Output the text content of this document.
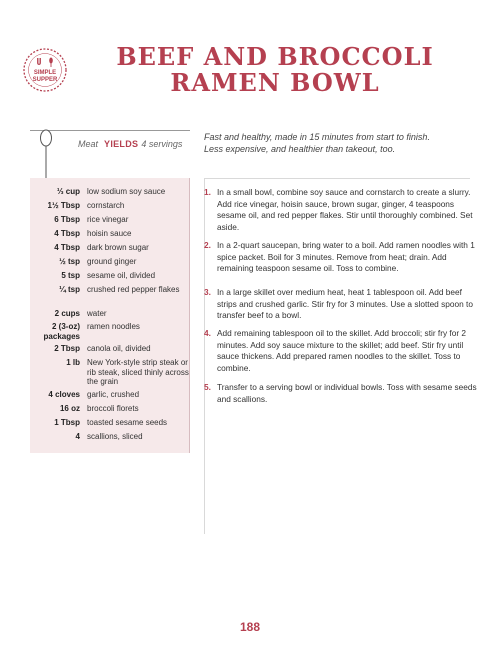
SIMPLE
SUPPER
BEEF AND BROCCOLI
RAMEN BOWL
Meat YIELDS 4 servings
Fast and healthy, made in 15 minutes from start to finish.
Less expensive, and healthier than takeout, too.
⅓ cup low sodium soy sauce
1½ Tbsp cornstarch
6 Tbsp rice vinegar
4 Tbsp hoisin sauce
4 Tbsp dark brown sugar
½ tsp ground ginger
5 tsp sesame oil, divided
¼ tsp crushed red pepper flakes
2 cups water
2 (3-oz) packages
ramen noodles
2 Tbsp canola oil, divided
1 lb New York-style strip steak or rib steak, sliced thinly across the grain
4 cloves garlic, crushed
16 oz broccoli florets
1 Tbsp toasted sesame seeds
4 scallions, sliced
1. In a small bowl, combine soy sauce and cornstarch to create a slurry. Add rice vinegar, hoisin sauce, brown sugar, ginger, 4 teaspoons sesame oil, and red pepper flakes. Stir until thoroughly combined. Set aside.
2. In a 2-quart saucepan, bring water to a boil. Add ramen noodles with 1 spice packet. Boil for 3 minutes. Remove from heat; drain. Add remaining teaspoon sesame oil. Toss to combine.
3. In a large skillet over medium heat, heat 1 tablespoon oil. Add beef strips and crushed garlic. Stir fry for 3 minutes. Use a slotted spoon to transfer beef to a bowl.
4. Add remaining tablespoon oil to the skillet. Add broccoli; stir fry for 2 minutes. Add soy sauce mixture to the skillet; add beef. Stir fry until sauce thickens. Add prepared ramen noodles to the skillet. Toss to combine.
5. Transfer to a serving bowl or individual bowls. Toss with sesame seeds and scallions.
188
